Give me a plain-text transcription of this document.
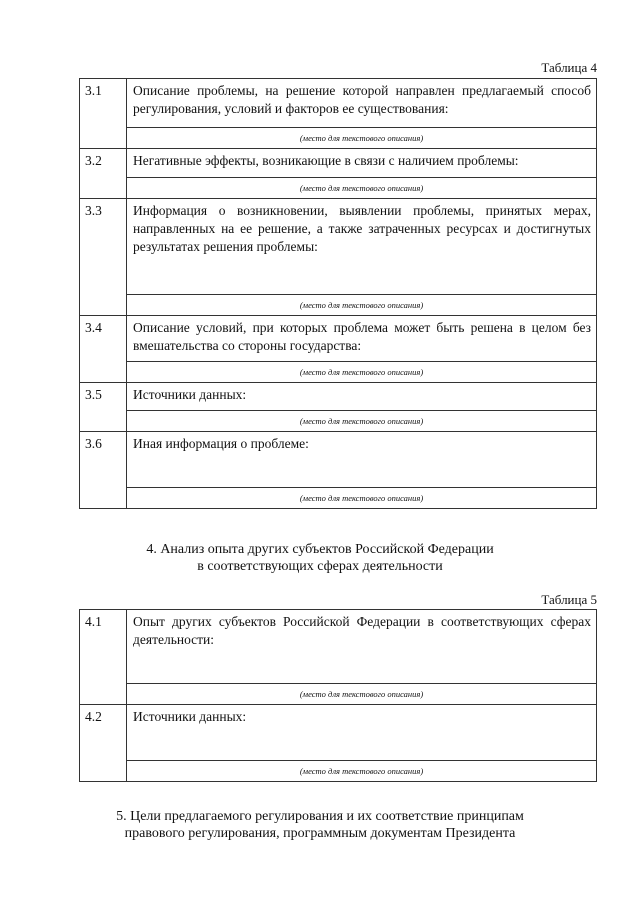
Таблица 4
3.1	Описание проблемы, на решение которой направлен предлагаемый способ регулирования, условий и факторов ее существования:
(место для текстового описания)

3.2	Негативные эффекты, возникающие в связи с наличием проблемы:
(место для текстового описания)

3.3	Информация о возникновении, выявлении проблемы, принятых мерах, направленных на ее решение, а также затраченных ресурсах и достигнутых результатах решения проблемы:
(место для текстового описания)

3.4	Описание условий, при которых проблема может быть решена в целом без вмешательства со стороны государства:
(место для текстового описания)

3.5	Источники данных:
(место для текстового описания)

3.6	Иная информация о проблеме:
(место для текстового описания)
4. Анализ опыта других субъектов Российской Федерации
в соответствующих сферах деятельности
Таблица 5
4.1	Опыт других субъектов Российской Федерации в соответствующих сферах деятельности:
(место для текстового описания)

4.2	Источники данных:
(место для текстового описания)
5. Цели предлагаемого регулирования и их соответствие принципам
правового регулирования, программным документам Президента
